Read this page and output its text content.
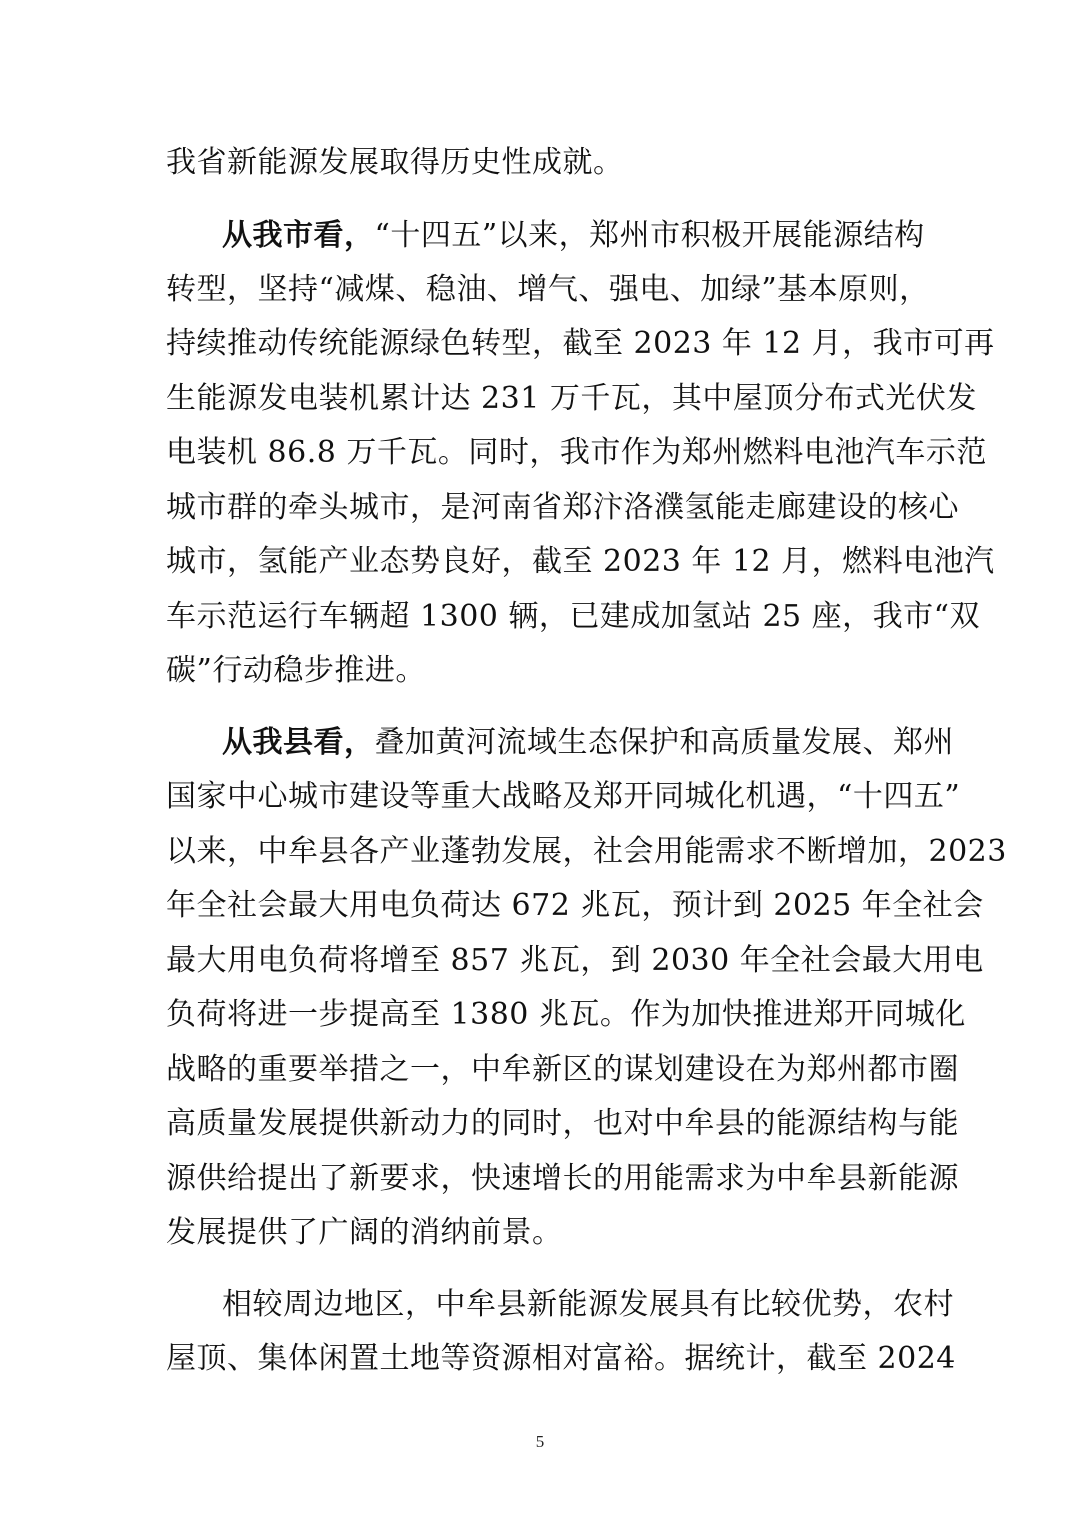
我省新能源发展取得历史性成就。
从我市看，“十四五”以来，郑州市积极开展能源结构
转型，坚持“减煤、稳油、增气、强电、加绿”基本原则，
持续推动传统能源绿色转型，截至 2023 年 12 月，我市可再
生能源发电装机累计达 231 万千瓦，其中屋顶分布式光伏发
电装机 86.8 万千瓦。同时，我市作为郑州燃料电池汽车示范
城市群的牵头城市，是河南省郑汴洛濮氢能走廊建设的核心
城市，氢能产业态势良好，截至 2023 年 12 月，燃料电池汽
车示范运行车辆超 1300 辆，已建成加氢站 25 座，我市“双
碳”行动稳步推进。
从我县看，叠加黄河流域生态保护和高质量发展、郑州
国家中心城市建设等重大战略及郑开同城化机遇，“十四五”
以来，中牟县各产业蓬勃发展，社会用能需求不断增加，2023
年全社会最大用电负荷达 672 兆瓦，预计到 2025 年全社会
最大用电负荷将增至 857 兆瓦，到 2030 年全社会最大用电
负荷将进一步提高至 1380 兆瓦。作为加快推进郑开同城化
战略的重要举措之一，中牟新区的谋划建设在为郑州都市圈
高质量发展提供新动力的同时，也对中牟县的能源结构与能
源供给提出了新要求，快速增长的用能需求为中牟县新能源
发展提供了广阔的消纳前景。
相较周边地区，中牟县新能源发展具有比较优势，农村
屋顶、集体闲置土地等资源相对富裕。据统计，截至 2024
5
